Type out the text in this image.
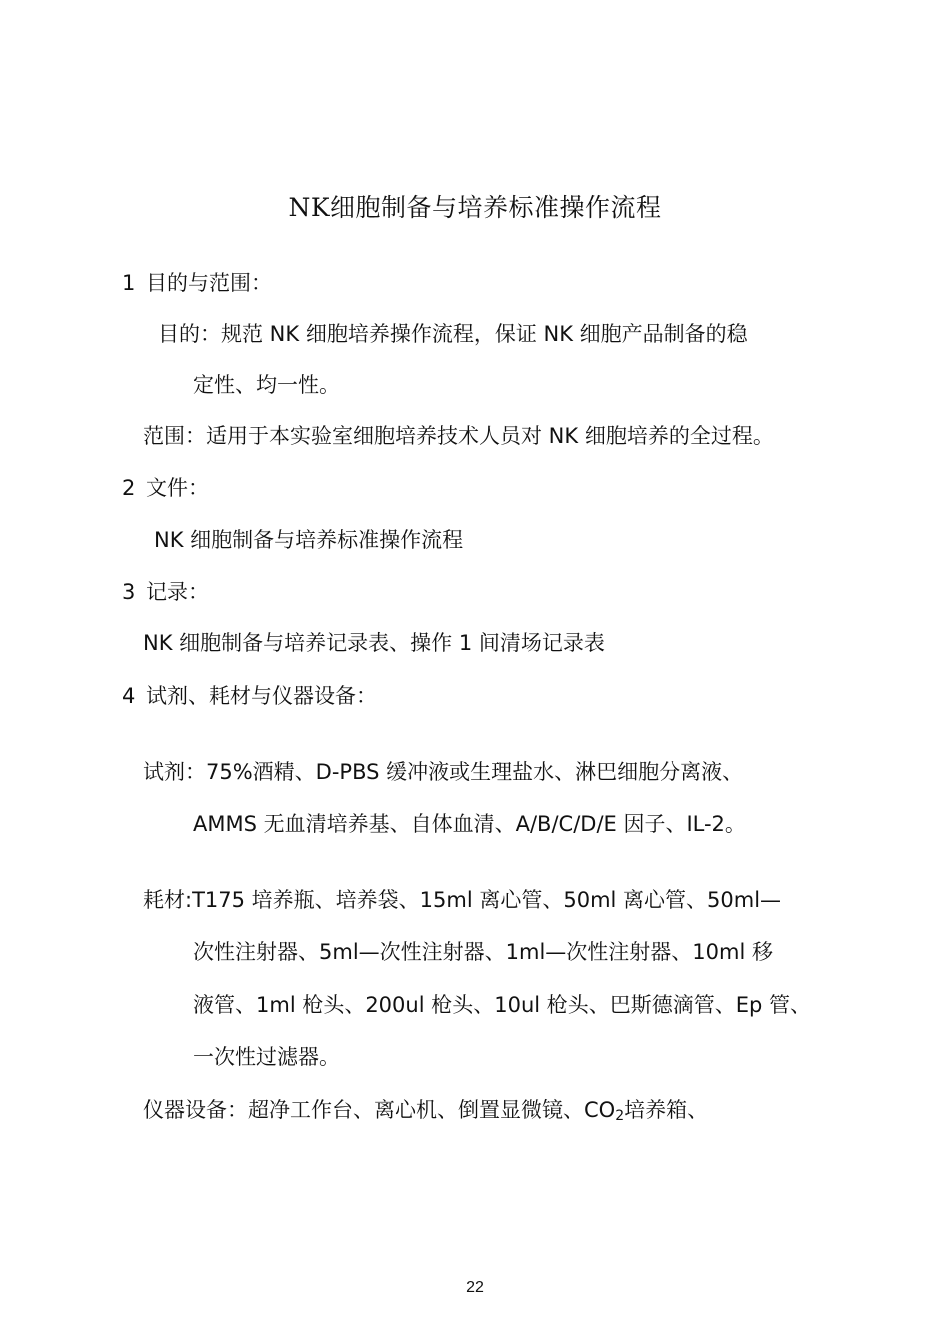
NK细胞制备与培养标准操作流程
1 目的与范围：
目的：规范 NK 细胞培养操作流程，保证 NK 细胞产品制备的稳
定性、均一性。
范围：适用于本实验室细胞培养技术人员对 NK 细胞培养的全过程。
2 文件：
NK 细胞制备与培养标准操作流程
3 记录：
NK 细胞制备与培养记录表、操作 1 间清场记录表
4 试剂、耗材与仪器设备：
试剂：75%酒精、D-PBS 缓冲液或生理盐水、淋巴细胞分离液、
AMMS 无血清培养基、自体血清、A/B/C/D/E 因子、IL-2。
耗材:T175 培养瓶、培养袋、15ml 离心管、50ml 离心管、50ml—
次性注射器、5ml—次性注射器、1ml—次性注射器、10ml 移
液管、1ml 枪头、200ul 枪头、10ul 枪头、巴斯德滴管、Ep 管、
一次性过滤器。
仪器设备：超净工作台、离心机、倒置显微镜、$CO_2$培养箱、
22
